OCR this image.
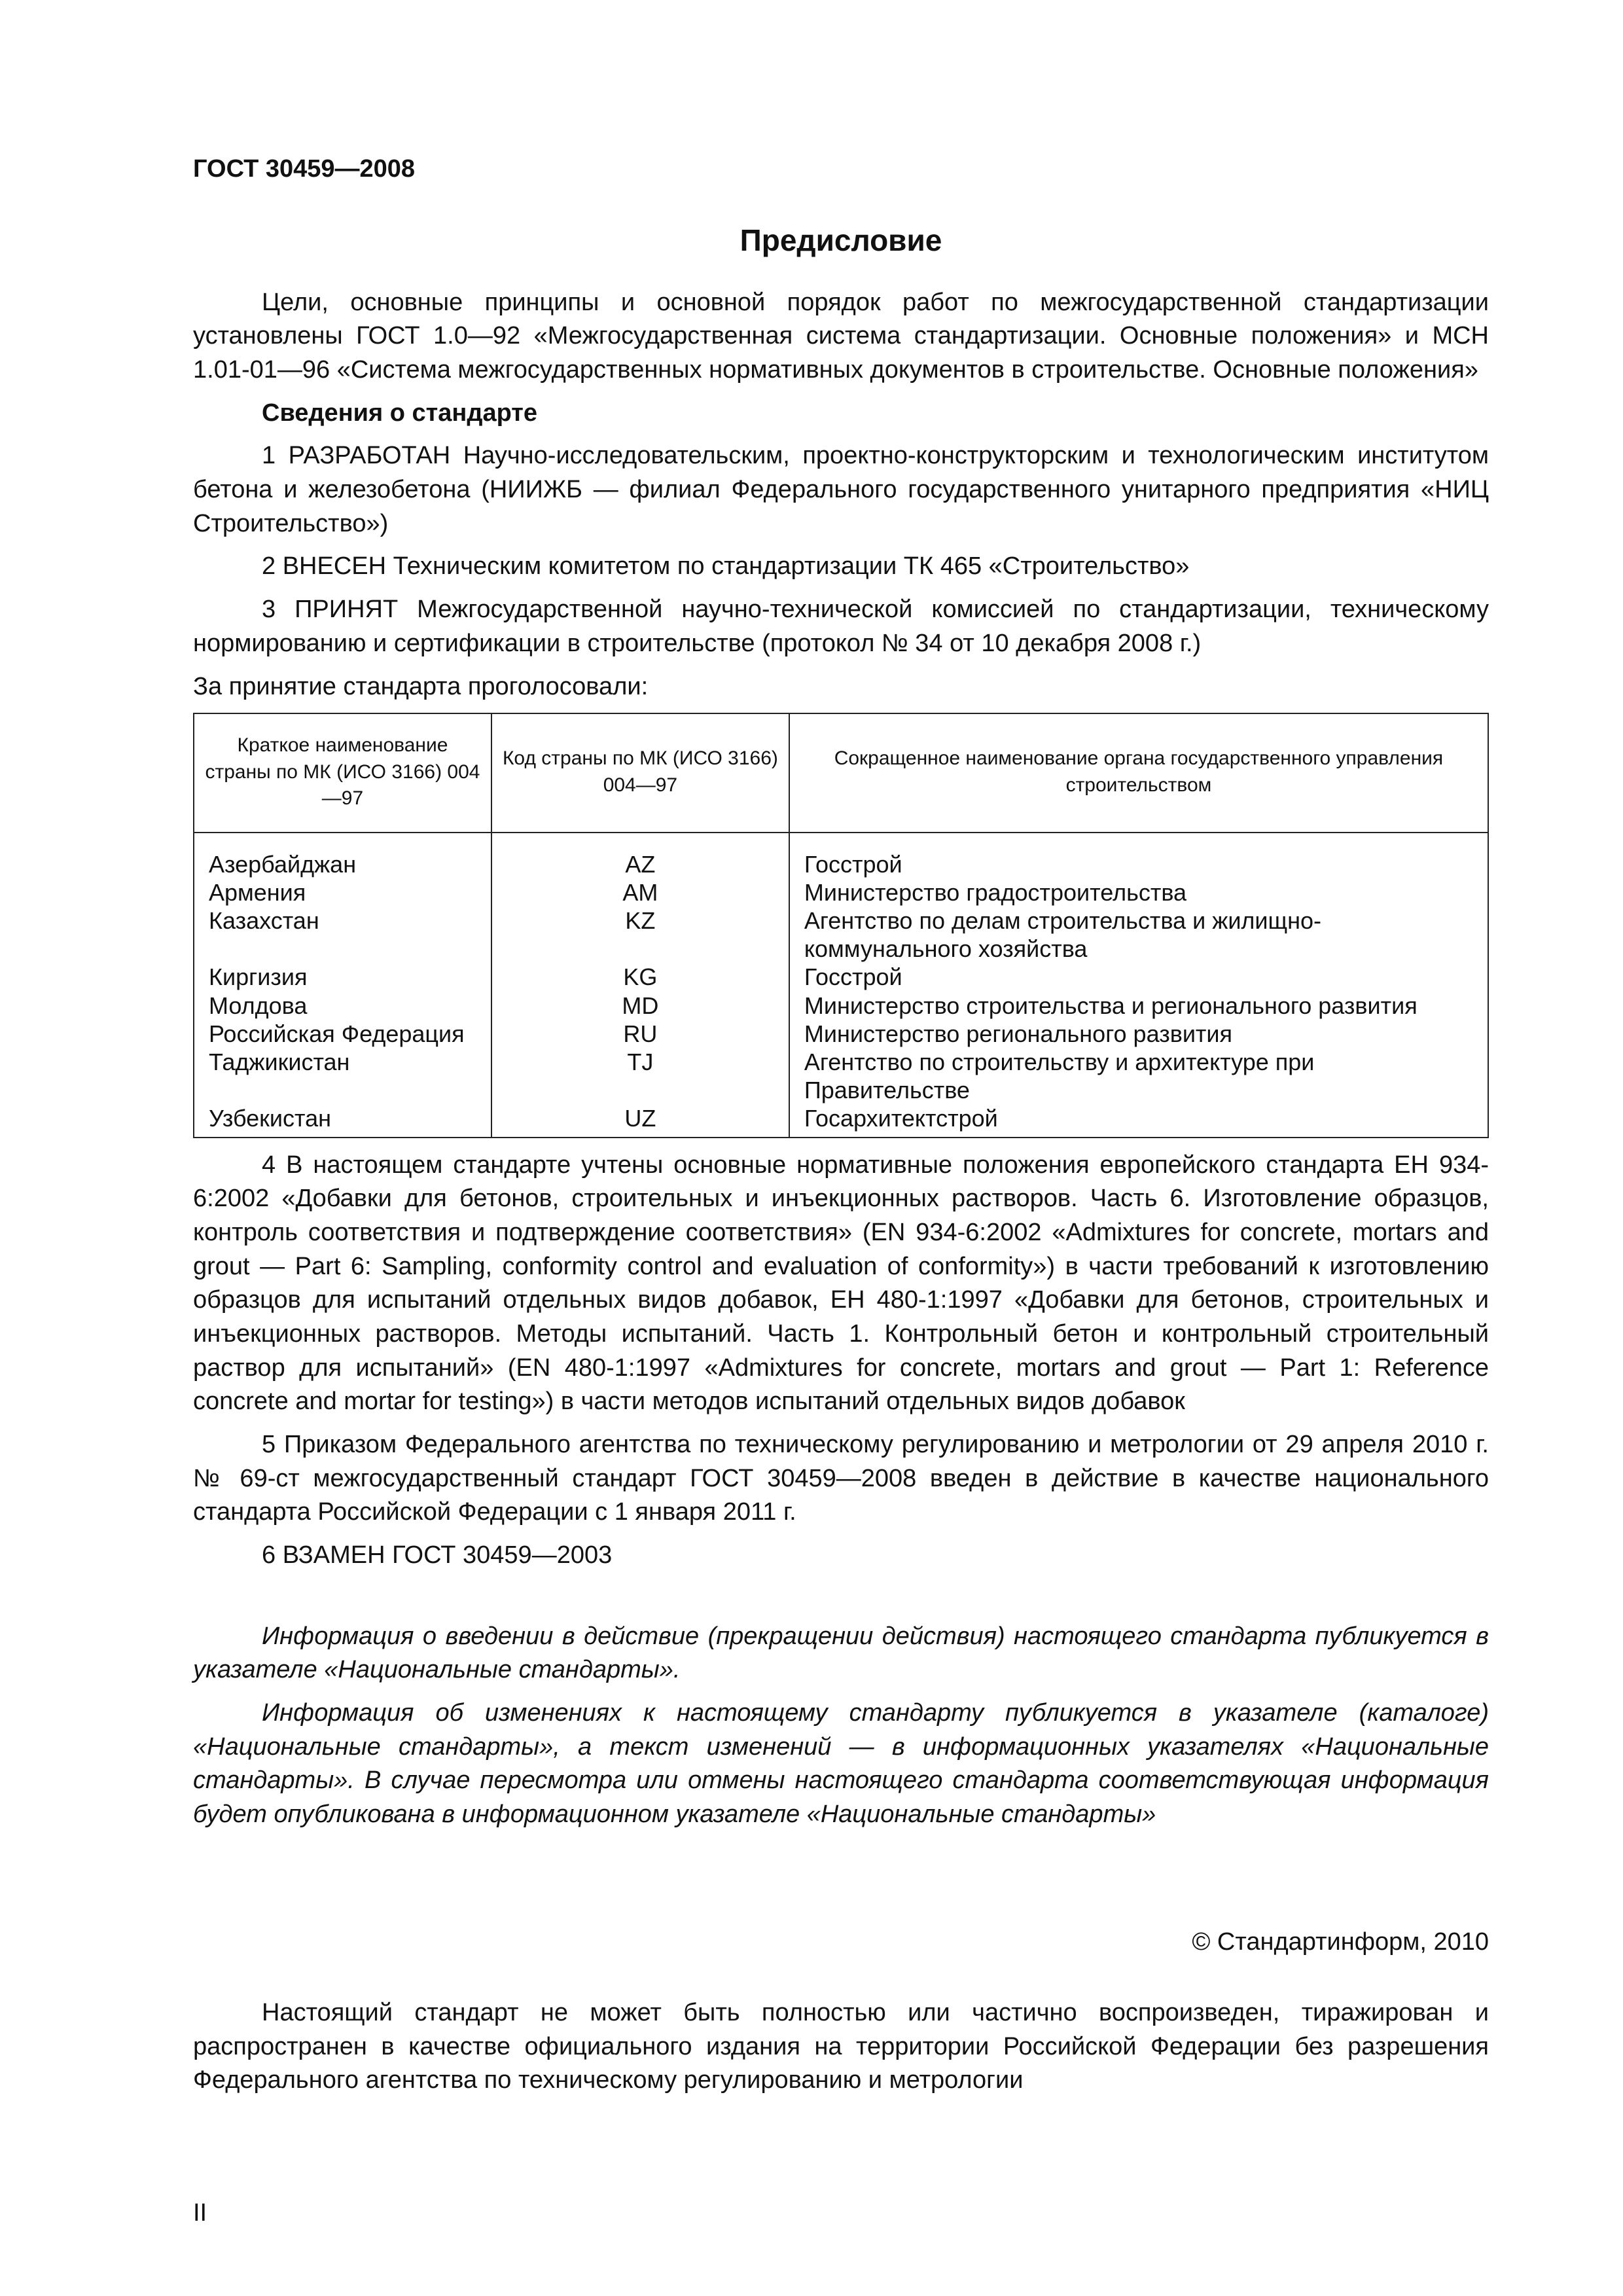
ГОСТ 30459—2008

Предисловие

Цели, основные принципы и основной порядок работ по межгосударственной стандартизации установлены ГОСТ 1.0—92 «Межгосударственная система стандартизации. Основные положения» и МСН 1.01-01—96 «Система межгосударственных нормативных документов в строительстве. Основные положения»

Сведения о стандарте

1 РАЗРАБОТАН Научно-исследовательским, проектно-конструкторским и технологическим институтом бетона и железобетона (НИИЖБ — филиал Федерального государственного унитарного предприятия «НИЦ Строительство»)

2 ВНЕСЕН Техническим комитетом по стандартизации ТК 465 «Строительство»

3 ПРИНЯТ Межгосударственной научно-технической комиссией по стандартизации, техническому нормированию и сертификации в строительстве (протокол № 34 от 10 декабря 2008 г.)

За принятие стандарта проголосовали:

Краткое наименование страны по МК (ИСО 3166) 004—97	Код страны по МК (ИСО 3166) 004—97	Сокращенное наименование органа государственного управления строительством
Азербайджан	AZ	Госстрой
Армения	AM	Министерство градостроительства
Казахстан	KZ	Агентство по делам строительства и жилищно-коммунального хозяйства
Киргизия	KG	Госстрой
Молдова	MD	Министерство строительства и регионального развития
Российская Федерация	RU	Министерство регионального развития
Таджикистан	TJ	Агентство по строительству и архитектуре при Правительстве
Узбекистан	UZ	Госархитектстрой

4 В настоящем стандарте учтены основные нормативные положения европейского стандарта ЕН 934-6:2002 «Добавки для бетонов, строительных и инъекционных растворов. Часть 6. Изготовление образцов, контроль соответствия и подтверждение соответствия» (EN 934-6:2002 «Admixtures for concrete, mortars and grout — Part 6: Sampling, conformity control and evaluation of conformity») в части требований к изготовлению образцов для испытаний отдельных видов добавок, ЕН 480-1:1997 «Добавки для бетонов, строительных и инъекционных растворов. Методы испытаний. Часть 1. Контрольный бетон и контрольный строительный раствор для испытаний» (EN 480-1:1997 «Admixtures for concrete, mortars and grout — Part 1: Reference concrete and mortar for testing») в части методов испытаний отдельных видов добавок

5 Приказом Федерального агентства по техническому регулированию и метрологии от 29 апреля 2010 г. № 69-ст межгосударственный стандарт ГОСТ 30459—2008 введен в действие в качестве национального стандарта Российской Федерации с 1 января 2011 г.

6 ВЗАМЕН ГОСТ 30459—2003

Информация о введении в действие (прекращении действия) настоящего стандарта публикуется в указателе «Национальные стандарты».

Информация об изменениях к настоящему стандарту публикуется в указателе (каталоге) «Национальные стандарты», а текст изменений — в информационных указателях «Национальные стандарты». В случае пересмотра или отмены настоящего стандарта соответствующая информация будет опубликована в информационном указателе «Национальные стандарты»

© Стандартинформ, 2010

Настоящий стандарт не может быть полностью или частично воспроизведен, тиражирован и распространен в качестве официального издания на территории Российской Федерации без разрешения Федерального агентства по техническому регулированию и метрологии

II
